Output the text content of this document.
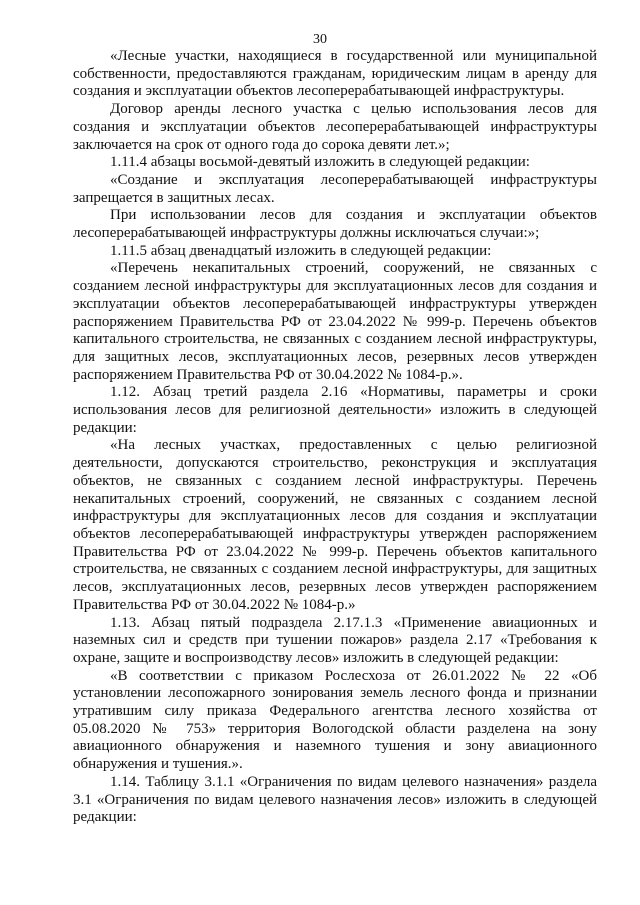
30

«Лесные участки, находящиеся в государственной или муниципальной собственности, предоставляются гражданам, юридическим лицам в аренду для создания и эксплуатации объектов лесоперерабатывающей инфраструктуры.

Договор аренды лесного участка с целью использования лесов для создания и эксплуатации объектов лесоперерабатывающей инфраструктуры заключается на срок от одного года до сорока девяти лет.»;

1.11.4 абзацы восьмой-девятый изложить в следующей редакции:

«Создание и эксплуатация лесоперерабатывающей инфраструктуры запрещается в защитных лесах.

При использовании лесов для создания и эксплуатации объектов лесоперерабатывающей инфраструктуры должны исключаться случаи:»;

1.11.5 абзац двенадцатый изложить в следующей редакции:

«Перечень некапитальных строений, сооружений, не связанных с созданием лесной инфраструктуры для эксплуатационных лесов для создания и эксплуатации объектов лесоперерабатывающей инфраструктуры утвержден распоряжением Правительства РФ от 23.04.2022 № 999-р. Перечень объектов капитального строительства, не связанных с созданием лесной инфраструктуры, для защитных лесов, эксплуатационных лесов, резервных лесов утвержден распоряжением Правительства РФ от 30.04.2022 № 1084-р.».

1.12. Абзац третий раздела 2.16 «Нормативы, параметры и сроки использования лесов для религиозной деятельности» изложить в следующей редакции:

«На лесных участках, предоставленных с целью религиозной деятельности, допускаются строительство, реконструкция и эксплуатация объектов, не связанных с созданием лесной инфраструктуры. Перечень некапитальных строений, сооружений, не связанных с созданием лесной инфраструктуры для эксплуатационных лесов для создания и эксплуатации объектов лесоперерабатывающей инфраструктуры утвержден распоряжением Правительства РФ от 23.04.2022 № 999-р. Перечень объектов капитального строительства, не связанных с созданием лесной инфраструктуры, для защитных лесов, эксплуатационных лесов, резервных лесов утвержден распоряжением Правительства РФ от 30.04.2022 № 1084-р.»

1.13. Абзац пятый подраздела 2.17.1.3 «Применение авиационных и наземных сил и средств при тушении пожаров» раздела 2.17 «Требования к охране, защите и воспроизводству лесов» изложить в следующей редакции:

«В соответствии с приказом Рослесхоза от 26.01.2022 № 22 «Об установлении лесопожарного зонирования земель лесного фонда и признании утратившим силу приказа Федерального агентства лесного хозяйства от 05.08.2020 № 753» территория Вологодской области разделена на зону авиационного обнаружения и наземного тушения и зону авиационного обнаружения и тушения.».

1.14. Таблицу 3.1.1 «Ограничения по видам целевого назначения» раздела 3.1 «Ограничения по видам целевого назначения лесов» изложить в следующей редакции:
